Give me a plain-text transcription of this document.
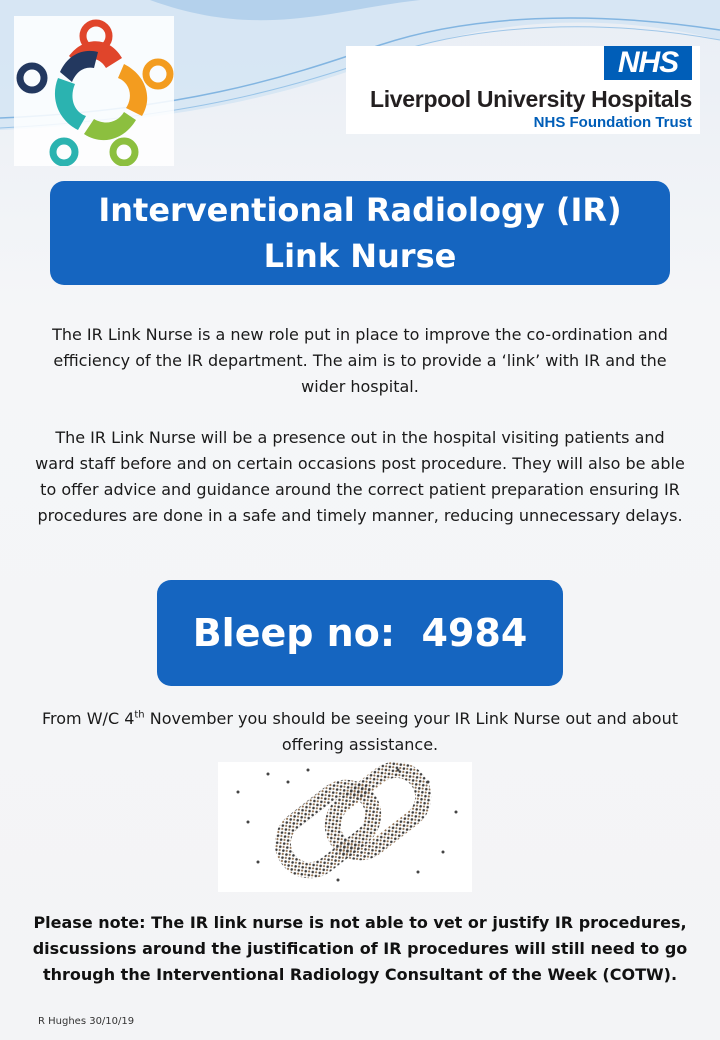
NHS
Liverpool University Hospitals
NHS Foundation Trust
Interventional Radiology (IR)
Link Nurse
The IR Link Nurse is a new role put in place to improve the co-ordination and efficiency of the IR department. The aim is to provide a ‘link’ with IR and the wider hospital.
The IR Link Nurse will be a presence out in the hospital visiting patients and ward staff before and on certain occasions post procedure. They will also be able to offer advice and guidance around the correct patient preparation ensuring IR procedures are done in a safe and timely manner, reducing unnecessary delays.
Bleep no:  4984
From W/C 4th November you should be seeing your IR Link Nurse out and about offering assistance.
Please note: The IR link nurse is not able to vet or justify IR procedures, discussions around the justification of IR procedures will still need to go through the Interventional Radiology Consultant of the Week (COTW).
R Hughes 30/10/19
